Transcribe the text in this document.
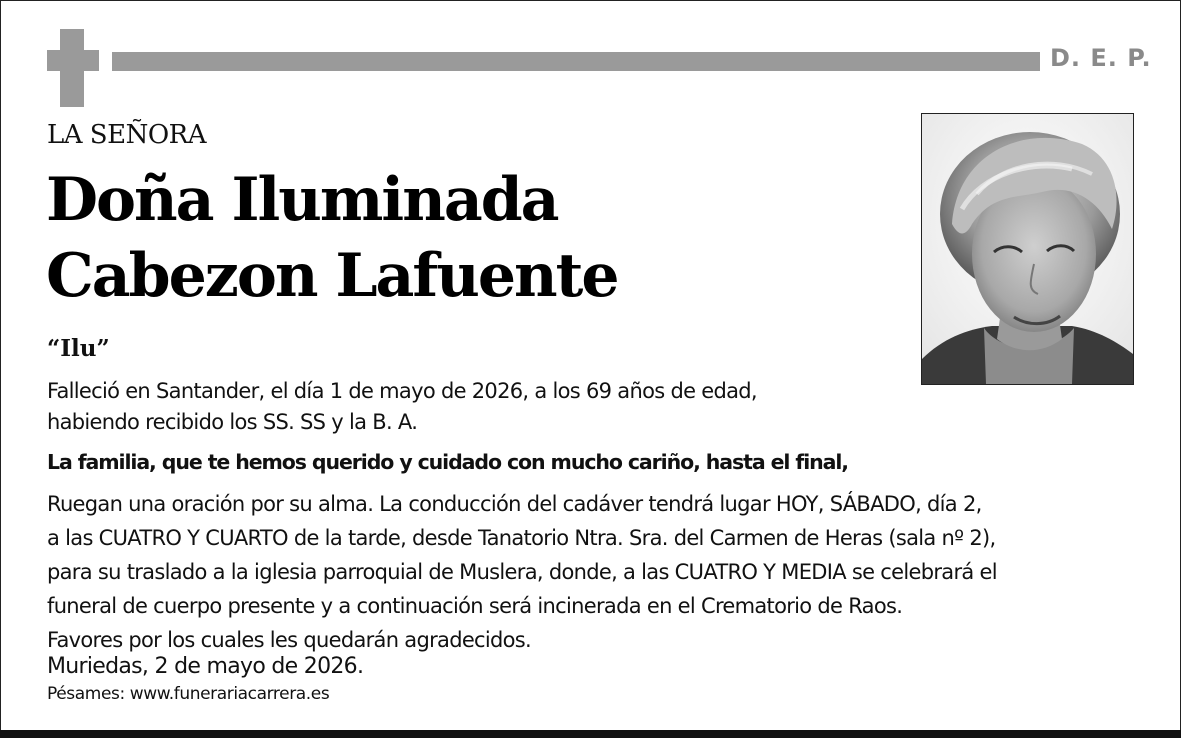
D. E. P.
LA SEÑORA
Doña Iluminada
Cabezon Lafuente
“Ilu”
Falleció en Santander, el día 1 de mayo de 2026, a los 69 años de edad,
habiendo recibido los SS. SS y la B. A.
La familia, que te hemos querido y cuidado con mucho cariño, hasta el final,
Ruegan una oración por su alma. La conducción del cadáver tendrá lugar HOY, SÁBADO, día 2,
a las CUATRO Y CUARTO de la tarde, desde Tanatorio Ntra. Sra. del Carmen de Heras (sala nº 2),
para su traslado a la iglesia parroquial de Muslera, donde, a las CUATRO Y MEDIA se celebrará el
funeral de cuerpo presente y a continuación será incinerada en el Crematorio de Raos.
Favores por los cuales les quedarán agradecidos.
Muriedas, 2 de mayo de 2026.
Pésames: www.funerariacarrera.es
